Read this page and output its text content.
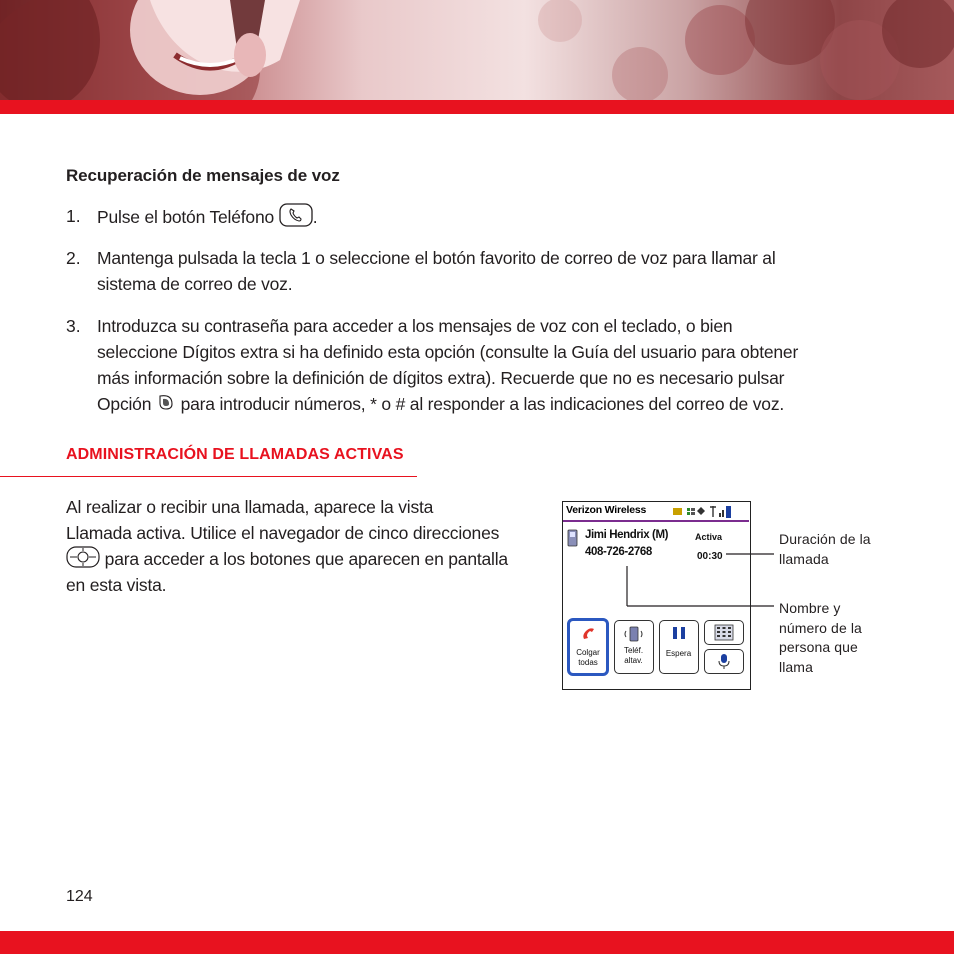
Recuperación de mensajes de voz
1. Pulse el botón Teléfono .
2. Mantenga pulsada la tecla 1 o seleccione el botón favorito de correo de voz para llamar al
sistema de correo de voz.
3. Introduzca su contraseña para acceder a los mensajes de voz con el teclado, o bien
seleccione Dígitos extra si ha definido esta opción (consulte la Guía del usuario para obtener
más información sobre la definición de dígitos extra). Recuerde que no es necesario pulsar
Opción para introducir números, * o # al responder a las indicaciones del correo de voz.
ADMINISTRACIÓN DE LLAMADAS ACTIVAS
Al realizar o recibir una llamada, aparece la vista
Llamada activa. Utilice el navegador de cinco direcciones
para acceder a los botones que aparecen en pantalla
en esta vista.
Verizon Wireless
Jimi Hendrix (M)
408-726-2768
Activa
00:30
Colgar
todas
Teléf.
altav.
Espera
Duración de la
llamada
Nombre y
número de la
persona que
llama
124
